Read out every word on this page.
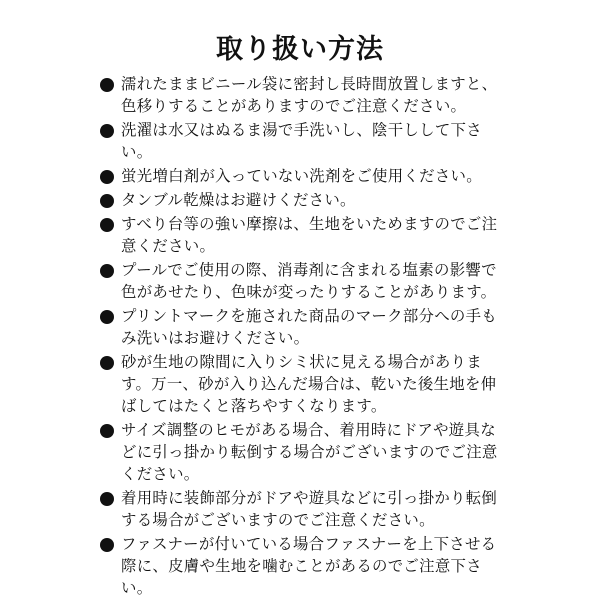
取り扱い方法
濡れたままビニール袋に密封し長時間放置しますと、色移りすることがありますのでご注意ください。
洗濯は水又はぬるま湯で手洗いし、陰干しして下さい。
蛍光増白剤が入っていない洗剤をご使用ください。
タンブル乾燥はお避けください。
すべり台等の強い摩擦は、生地をいためますのでご注意ください。
プールでご使用の際、消毒剤に含まれる塩素の影響で色があせたり、色味が変ったりすることがあります。
プリントマークを施された商品のマーク部分への手もみ洗いはお避けください。
砂が生地の隙間に入りシミ状に見える場合があります。万一、砂が入り込んだ場合は、乾いた後生地を伸ばしてはたくと落ちやすくなります。
サイズ調整のヒモがある場合、着用時にドアや遊具などに引っ掛かり転倒する場合がございますのでご注意ください。
着用時に装飾部分がドアや遊具などに引っ掛かり転倒する場合がございますのでご注意ください。
ファスナーが付いている場合ファスナーを上下させる際に、皮膚や生地を噛むことがあるのでご注意下さい。
